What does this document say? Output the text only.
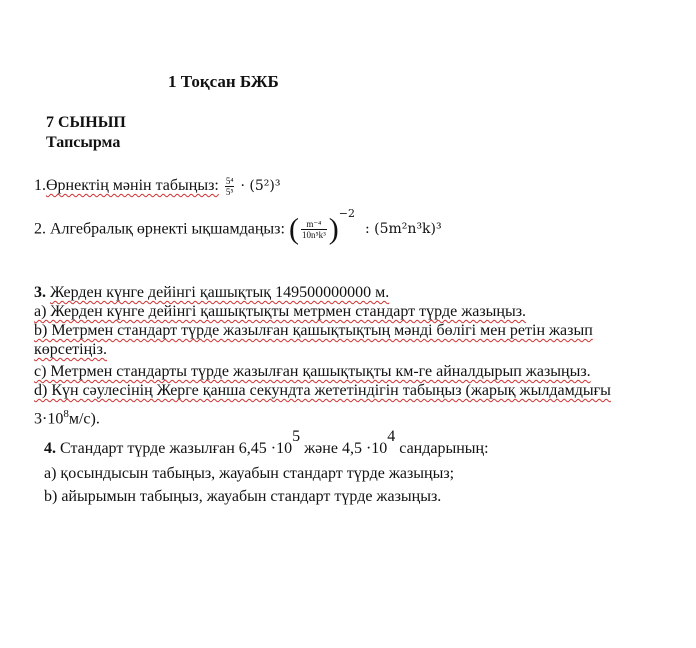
1 Тоқсан БЖБ
7 СЫНЫП
Тапсырма
1.Өрнектің мәнін табыңыз: $\frac{\text{5⁴}}{\text{5⁵}} \cdot (5^2)^3$
2. Алгебралық өрнекті ықшамдаңыз: ( $\frac{\text{m⁻⁴}}{\text{10n⁵k³}} )^{-2}$ : (5m²n³k)³
3. Жерден күнге дейінгі қашықтық 149500000000 м.
a) Жерден күнге дейінгі қашықтықты метрмен стандарт түрде жазыңыз.
b) Метрмен стандарт түрде жазылған қашықтықтың мәнді бөлігі мен ретін жазып
көрсетіңіз.
c) Метрмен стандарты түрде жазылған қашықтықты км-ге айналдырып жазыңыз.
d) Күн сәулесінің Жерге қанша секундта жететіндігін табыңыз (жарық жылдамдығы
$3\cdot 10^8м/с$).
4. Стандарт түрде жазылған 6,45 ·105 және 4,5 ·104 сандарының:
а) қосындысын табыңыз, жауабын стандарт түрде жазыңыз;
b) айырымын табыңыз, жауабын стандарт түрде жазыңыз.
